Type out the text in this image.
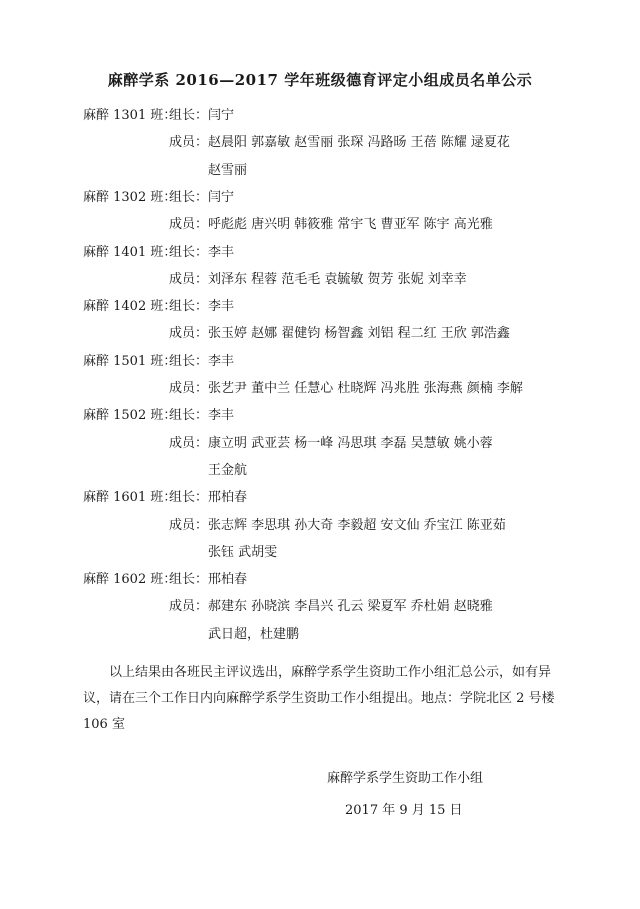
麻醉学系 2016—2017 学年班级德育评定小组成员名单公示
麻醉 1301 班：组长：闫宁
成员：赵晨阳 郭嘉敏 赵雪丽 张琛 冯路旸 王蓓 陈耀 逯夏花
赵雪丽
麻醉 1302 班：组长：闫宁
成员：呼彪彪 唐兴明 韩筱雅 常宇飞 曹亚军 陈宇 高光雅
麻醉 1401 班：组长：李丰
成员：刘泽东 程蓉 范毛毛 袁毓敏 贺芳 张妮 刘幸幸
麻醉 1402 班：组长：李丰
成员：张玉婷 赵娜 翟健钧 杨智鑫 刘铝 程二红 王欣 郭浩鑫
麻醉 1501 班：组长：李丰
成员：张艺尹 董中兰 任慧心 杜晓辉 冯兆胜 张海燕 颜楠 李解
麻醉 1502 班：组长：李丰
成员：康立明 武亚芸 杨一峰 冯思琪 李磊 吴慧敏 姚小蓉
王金航
麻醉 1601 班：组长：邢柏春
成员：张志辉 李思琪 孙大奇 李毅超 安文仙 乔宝江 陈亚茹
张钰 武胡雯
麻醉 1602 班：组长：邢柏春
成员：郝建东 孙晓滨 李昌兴 孔云 梁夏军 乔杜娟 赵晓雅
武日超，杜建鹏
以上结果由各班民主评议选出，麻醉学系学生资助工作小组汇总公示，如有异议，请在三个工作日内向麻醉学系学生资助工作小组提出。地点：学院北区 2 号楼 106 室
麻醉学系学生资助工作小组
2017 年 9 月 15 日
